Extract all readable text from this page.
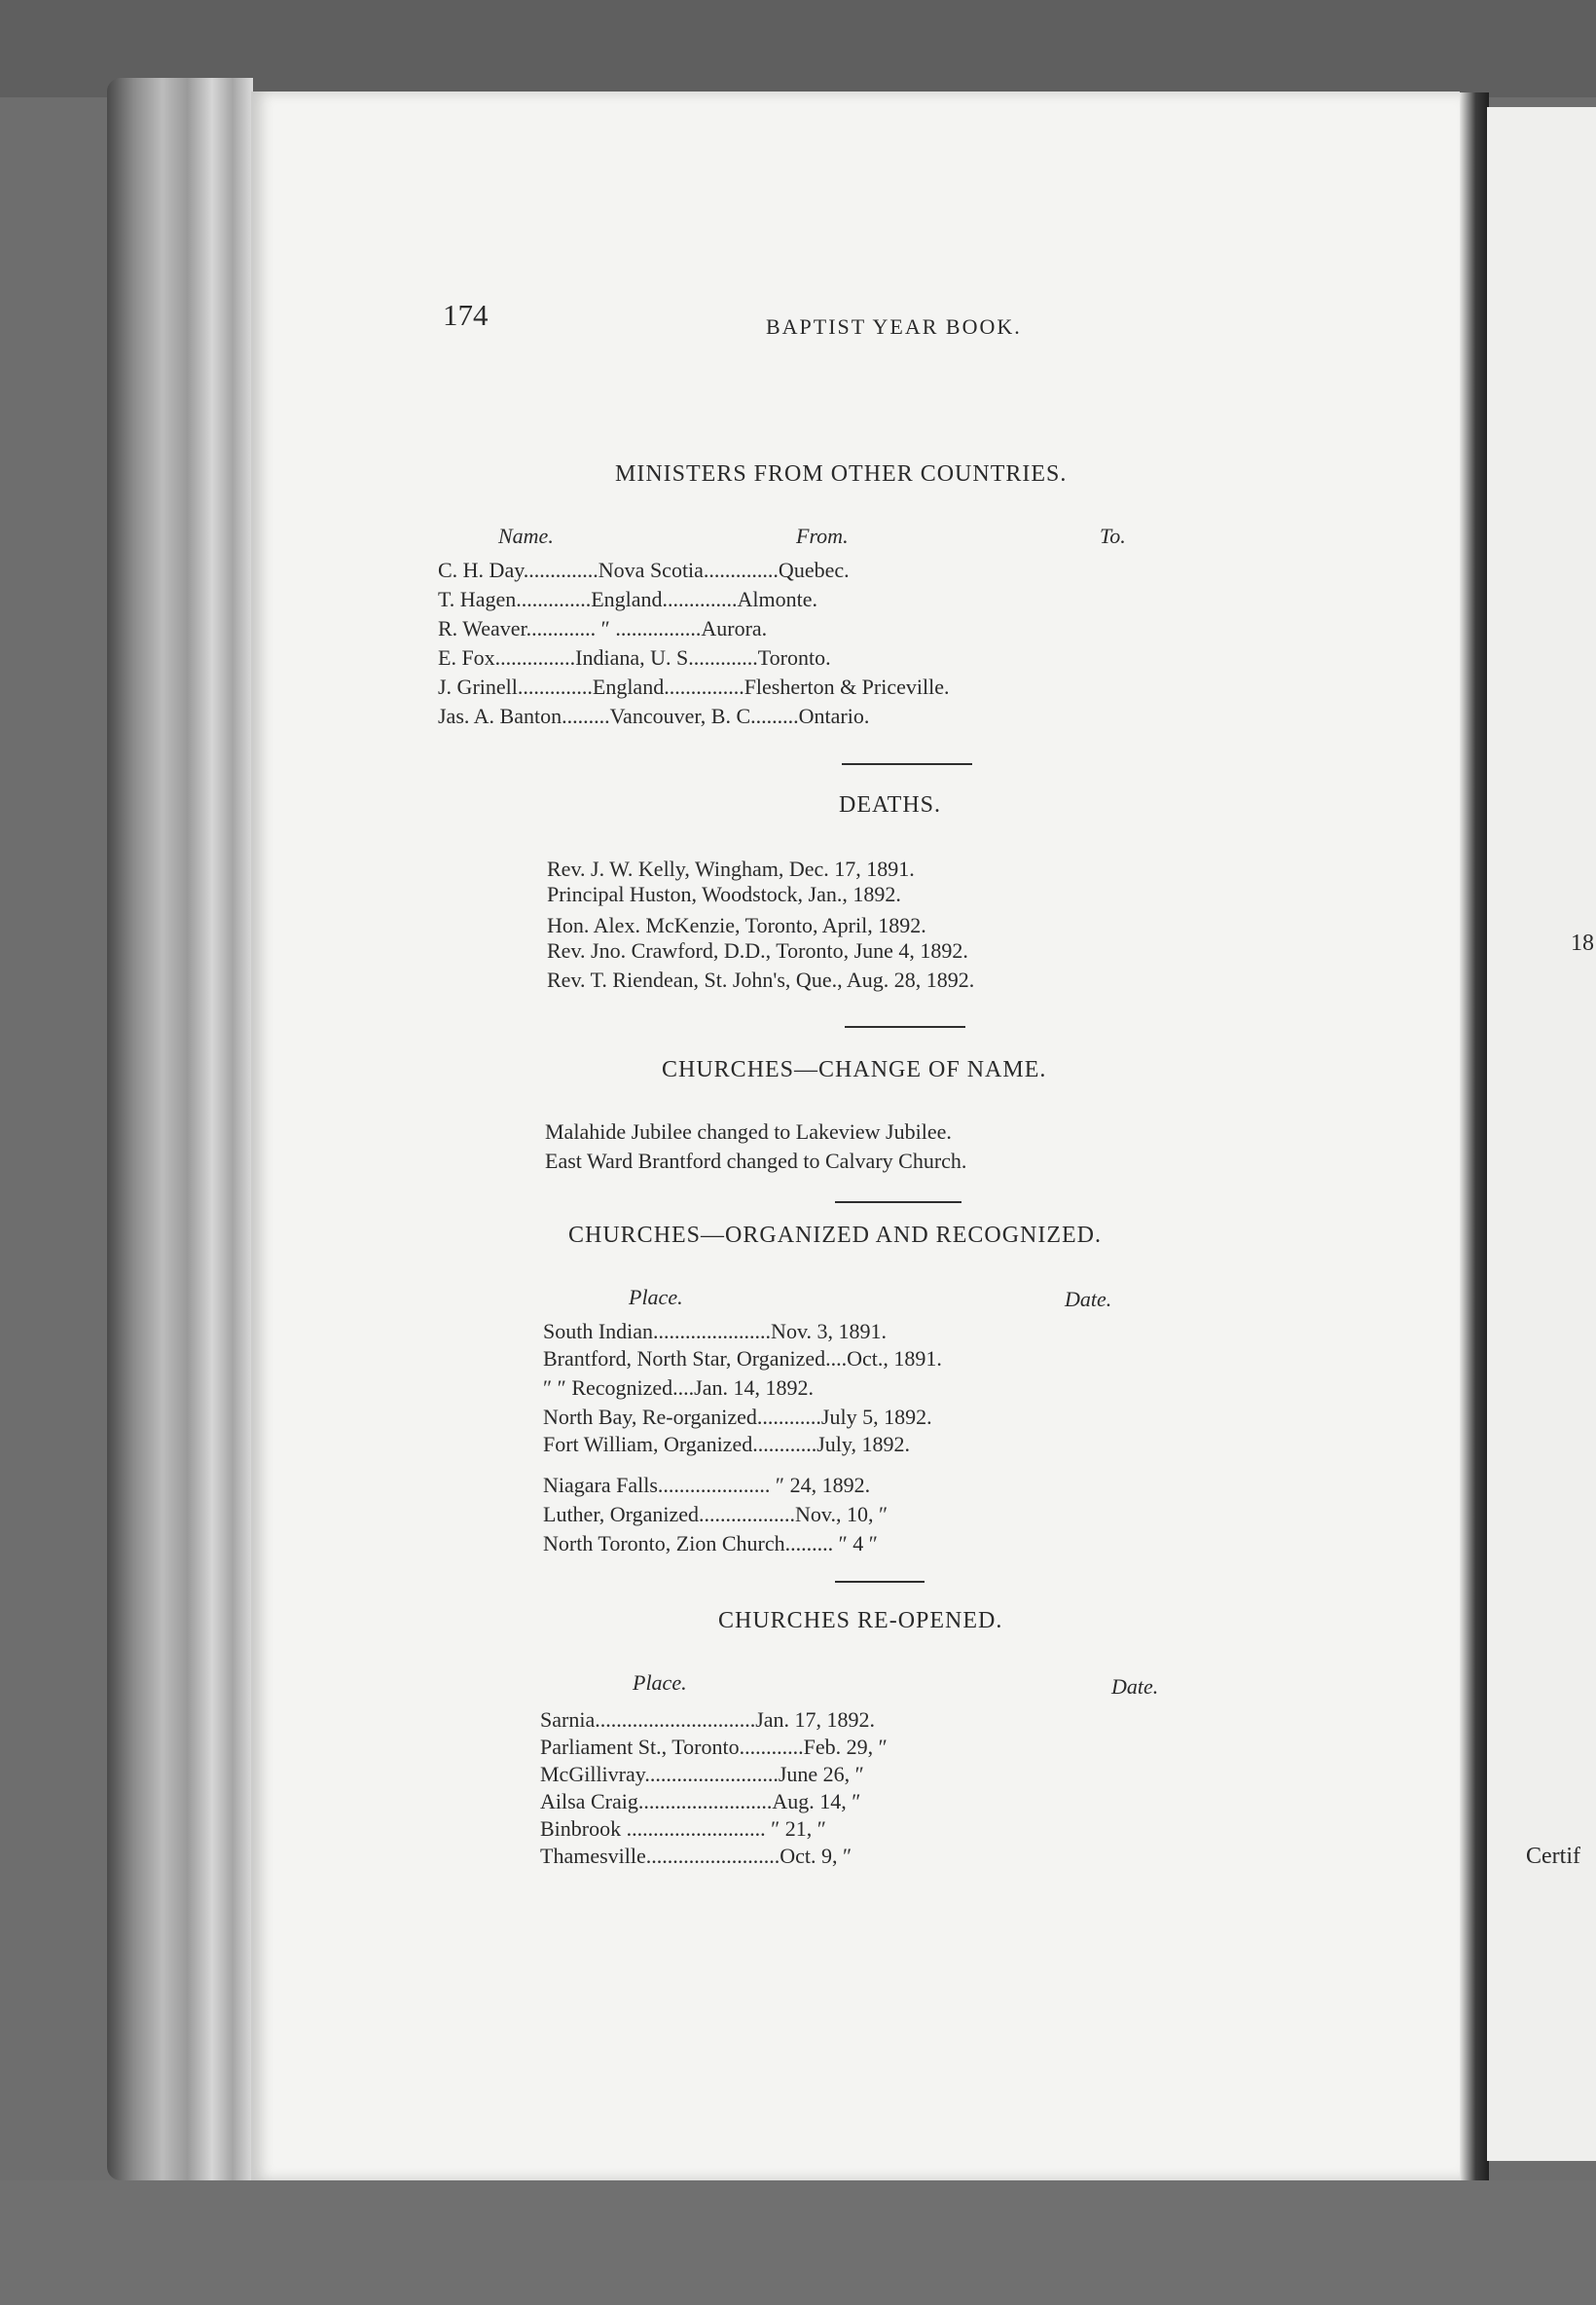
174	BAPTIST YEAR BOOK.
MINISTERS FROM OTHER COUNTRIES.
Name.	From.	To.
C. H. Day..............Nova Scotia..............Quebec.
T. Hagen..............England..............Almonte.
R. Weaver............. ″ ................Aurora.
E. Fox...............Indiana, U. S.............Toronto.
J. Grinell..............England...............Flesherton & Priceville.
Jas. A. Banton.........Vancouver, B. C.........Ontario.
DEATHS.
Rev. J. W. Kelly, Wingham, Dec. 17, 1891.
Principal Huston, Woodstock, Jan., 1892.
Hon. Alex. McKenzie, Toronto, April, 1892.
Rev. Jno. Crawford, D.D., Toronto, June 4, 1892.
Rev. T. Riendean, St. John's, Que., Aug. 28, 1892.
CHURCHES—CHANGE OF NAME.
Malahide Jubilee changed to Lakeview Jubilee.
East Ward Brantford changed to Calvary Church.
CHURCHES—ORGANIZED AND RECOGNIZED.
Place.	Date.
South Indian......................Nov. 3, 1891.
Brantford, North Star, Organized....Oct., 1891.
″ ″ Recognized....Jan. 14, 1892.
North Bay, Re-organized............July 5, 1892.
Fort William, Organized............July, 1892.
Niagara Falls..................... ″ 24, 1892.
Luther, Organized..................Nov., 10, ″
North Toronto, Zion Church......... ″ 4 ″
CHURCHES RE-OPENED.
Place.	Date.
Sarnia..............................Jan. 17, 1892.
Parliament St., Toronto............Feb. 29, ″
McGillivray.........................June 26, ″
Ailsa Craig.........................Aug. 14, ″
Binbrook .......................... ″ 21, ″
Thamesville.........................Oct. 9, ″
18
Certif
